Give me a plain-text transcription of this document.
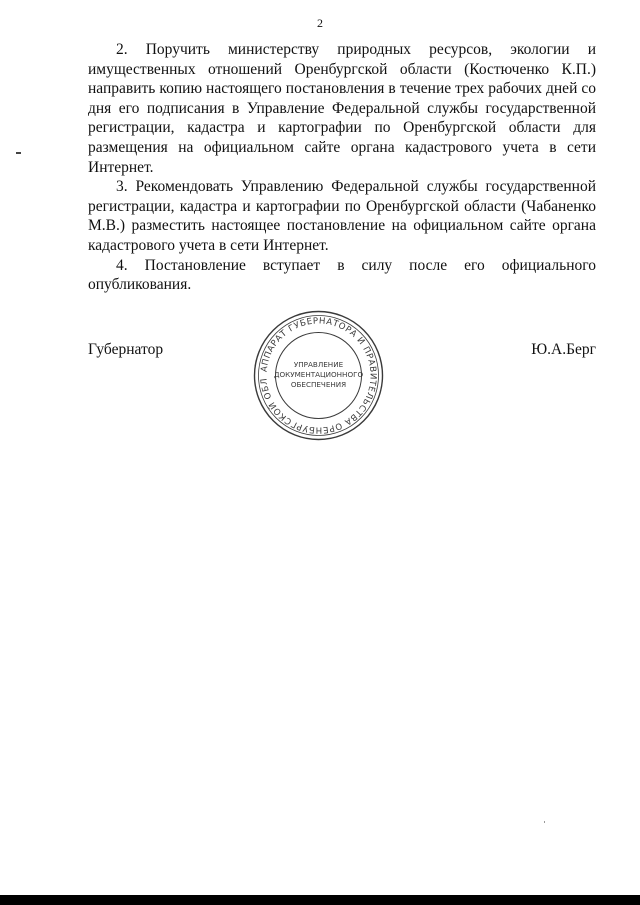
2

2. Поручить министерству природных ресурсов, экологии и имущественных отношений Оренбургской области (Костюченко К.П.) направить копию настоящего постановления в течение трех рабочих дней со дня его подписания в Управление Федеральной службы государственной регистрации, кадастра и картографии по Оренбургской области для размещения на официальном сайте органа кадастрового учета в сети Интернет.

3. Рекомендовать Управлению Федеральной службы государственной регистрации, кадастра и картографии по Оренбургской области (Чабаненко М.В.) разместить настоящее постановление на официальном сайте органа кадастрового учета в сети Интернет.

4. Постановление вступает в силу после его официального опубликования.

Губернатор	Ю.А.Берг
АППАРАТ ГУБЕРНАТОРА И ПРАВИТЕЛЬСТВА ОРЕНБУРГСКОЙ ОБЛ
УПРАВЛЕНИЕ
ДОКУМЕНТАЦИОННОГО
ОБЕСПЕЧЕНИЯ
